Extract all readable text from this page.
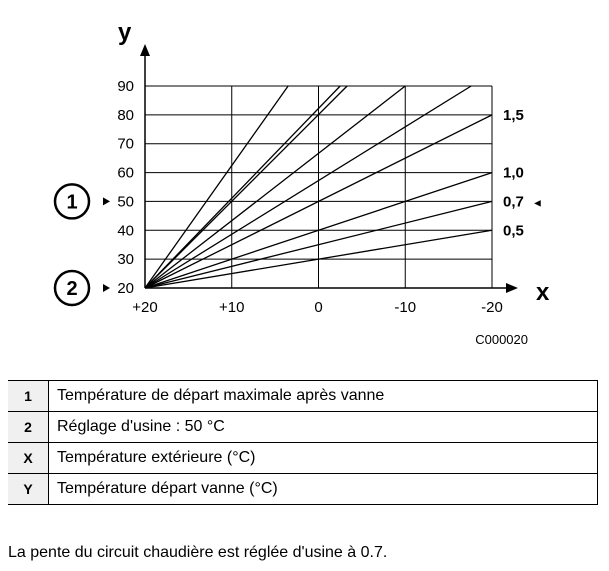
y
x
90
80
70
60
50
40
30
20
+20	+10	0	-10	-20
1,5
1,0
0,7 ◄
0,5
1
2
C000020
1	Température de départ maximale après vanne
2	Réglage d'usine : 50 °C
X	Température extérieure (°C)
Y	Température départ vanne (°C)
La pente du circuit chaudière est réglée d'usine à 0.7.
